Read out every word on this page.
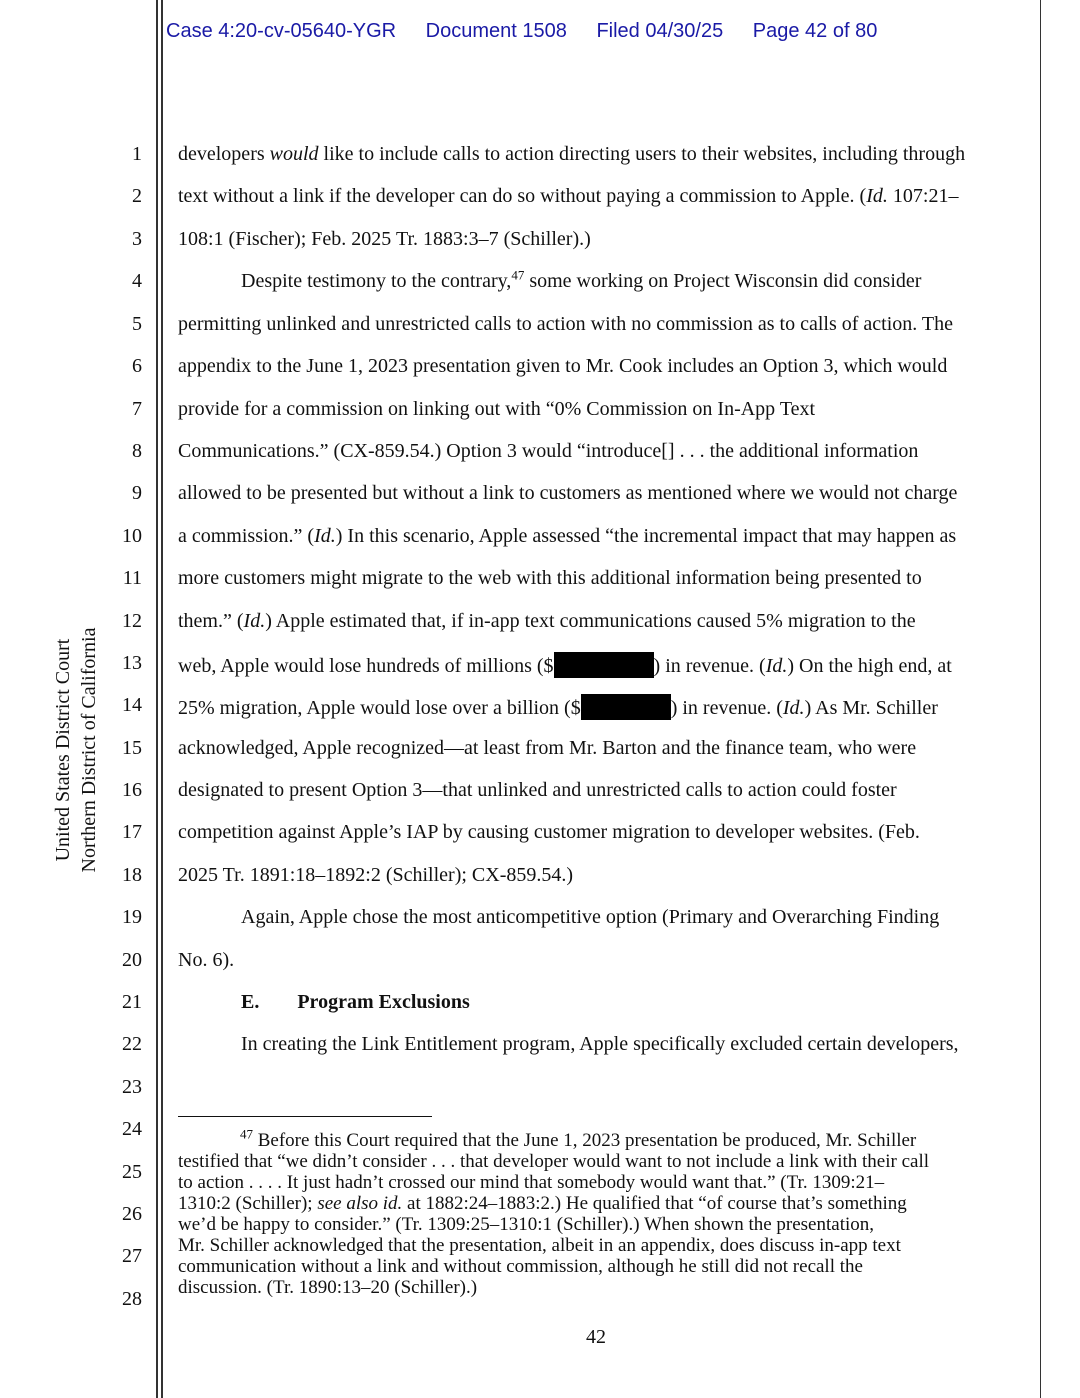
Case 4:20-cv-05640-YGR Document 1508 Filed 04/30/25 Page 42 of 80
United States District Court Northern District of California
1
2
3
4
5
6
7
8
9
10
11
12
13
14
15
16
17
18
19
20
21
22
23
24
25
26
27
28
developers would like to include calls to action directing users to their websites, including through
text without a link if the developer can do so without paying a commission to Apple. (Id. 107:21–
108:1 (Fischer); Feb. 2025 Tr. 1883:3–7 (Schiller).)
Despite testimony to the contrary,$^{47}$ some working on Project Wisconsin did consider
permitting unlinked and unrestricted calls to action with no commission as to calls of action. The
appendix to the June 1, 2023 presentation given to Mr. Cook includes an Option 3, which would
provide for a commission on linking out with “0% Commission on In-App Text
Communications.” (CX-859.54.) Option 3 would “introduce[] . . . the additional information
allowed to be presented but without a link to customers as mentioned where we would not charge
a commission.” (Id.) In this scenario, Apple assessed “the incremental impact that may happen as
more customers might migrate to the web with this additional information being presented to
them.” (Id.) Apple estimated that, if in-app text communications caused 5% migration to the
web, Apple would lose hundreds of millions ($	) in revenue. (Id.) On the high end, at
25% migration, Apple would lose over a billion ($	) in revenue. (Id.) As Mr. Schiller
acknowledged, Apple recognized—at least from Mr. Barton and the finance team, who were
designated to present Option 3—that unlinked and unrestricted calls to action could foster
competition against Apple’s IAP by causing customer migration to developer websites. (Feb.
2025 Tr. 1891:18–1892:2 (Schiller); CX-859.54.)
Again, Apple chose the most anticompetitive option (Primary and Overarching Finding
No. 6).
E. Program Exclusions
In creating the Link Entitlement program, Apple specifically excluded certain developers,
$^{47}$ Before this Court required that the June 1, 2023 presentation be produced, Mr. Schiller
testified that “we didn’t consider . . . that developer would want to not include a link with their call
to action . . . . It just hadn’t crossed our mind that somebody would want that.” (Tr. 1309:21–
1310:2 (Schiller); see also id. at 1882:24–1883:2.) He qualified that “of course that’s something
we’d be happy to consider.” (Tr. 1309:25–1310:1 (Schiller).) When shown the presentation,
Mr. Schiller acknowledged that the presentation, albeit in an appendix, does discuss in-app text
communication without a link and without commission, although he still did not recall the
discussion. (Tr. 1890:13–20 (Schiller).)
42
